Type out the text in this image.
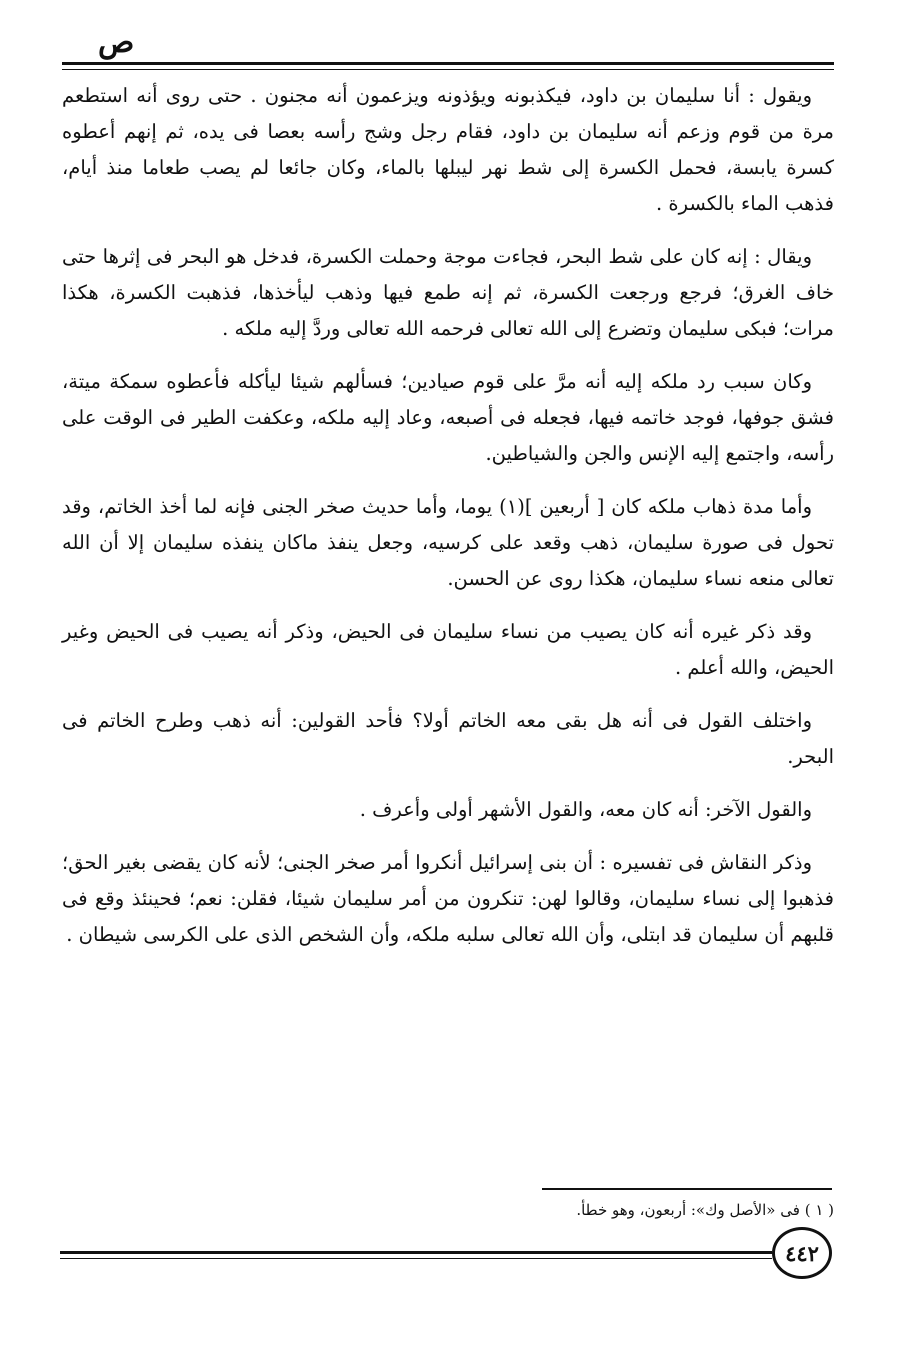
ص

ويقول : أنا سليمان بن داود، فيكذبونه ويؤذونه ويزعمون أنه مجنون . حتى روى أنه استطعم مرة من قوم وزعم أنه سليمان بن داود، فقام رجل وشج رأسه بعصا فى يده، ثم إنهم أعطوه كسرة يابسة، فحمل الكسرة إلى شط نهر ليبلها بالماء، وكان جائعا لم يصب طعاما منذ أيام، فذهب الماء بالكسرة .

ويقال : إنه كان على شط البحر، فجاءت موجة وحملت الكسرة، فدخل هو البحر فى إثرها حتى خاف الغرق؛ فرجع ورجعت الكسرة، ثم إنه طمع فيها وذهب ليأخذها، فذهبت الكسرة، هكذا مرات؛ فبكى سليمان وتضرع إلى الله تعالى فرحمه الله تعالى وردَّ إليه ملكه .

وكان سبب رد ملكه إليه أنه مرَّ على قوم صيادين؛ فسألهم شيئا ليأكله فأعطوه سمكة ميتة، فشق جوفها، فوجد خاتمه فيها، فجعله فى أصبعه، وعاد إليه ملكه، وعكفت الطير فى الوقت على رأسه، واجتمع إليه الإنس والجن والشياطين.

وأما مدة ذهاب ملكه كان [ أربعين ](١) يوما، وأما حديث صخر الجنى فإنه لما أخذ الخاتم، وقد تحول فى صورة سليمان، ذهب وقعد على كرسيه، وجعل ينفذ ماكان ينفذه سليمان إلا أن الله تعالى منعه نساء سليمان، هكذا روى عن الحسن.

وقد ذكر غيره أنه كان يصيب من نساء سليمان فى الحيض، وذكر أنه يصيب فى الحيض وغير الحيض، والله أعلم .

واختلف القول فى أنه هل بقى معه الخاتم أولا؟ فأحد القولين: أنه ذهب وطرح الخاتم فى البحر.

والقول الآخر: أنه كان معه، والقول الأشهر أولى وأعرف .

وذكر النقاش فى تفسيره : أن بنى إسرائيل أنكروا أمر صخر الجنى؛ لأنه كان يقضى بغير الحق؛ فذهبوا إلى نساء سليمان، وقالوا لهن: تنكرون من أمر سليمان شيئا، فقلن: نعم؛ فحينئذ وقع فى قلبهم أن سليمان قد ابتلى، وأن الله تعالى سلبه ملكه، وأن الشخص الذى على الكرسى شيطان .

( ١ ) فى «الأصل وك»: أربعون، وهو خطأ.
٤٤٢
